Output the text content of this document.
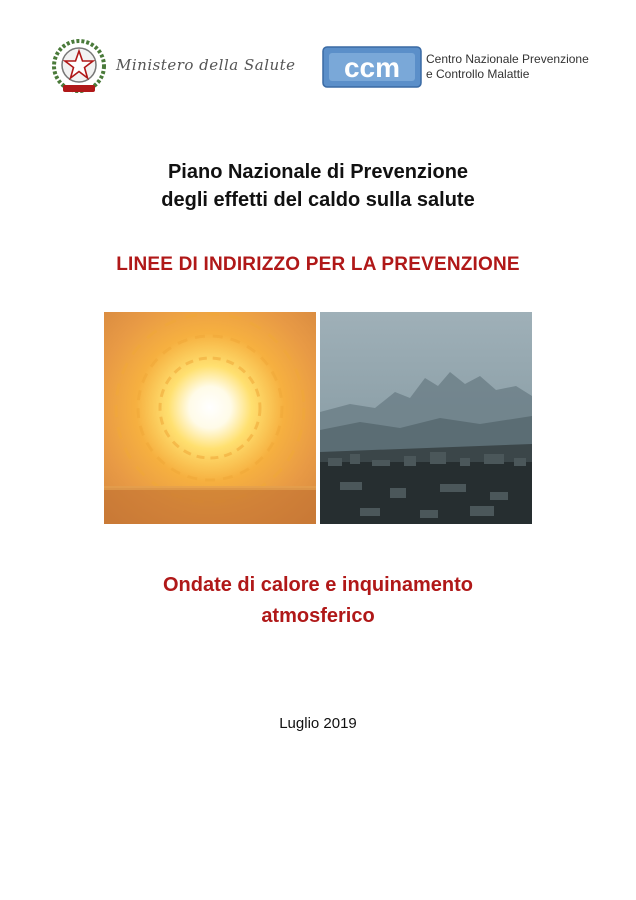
Ministero della Salute ccm Centro Nazionale Prevenzione
e Controllo Malattie
Piano Nazionale di Prevenzione
degli effetti del caldo sulla salute
LINEE DI INDIRIZZO PER LA PREVENZIONE
Ondate di calore e inquinamento
atmosferico
Luglio 2019
